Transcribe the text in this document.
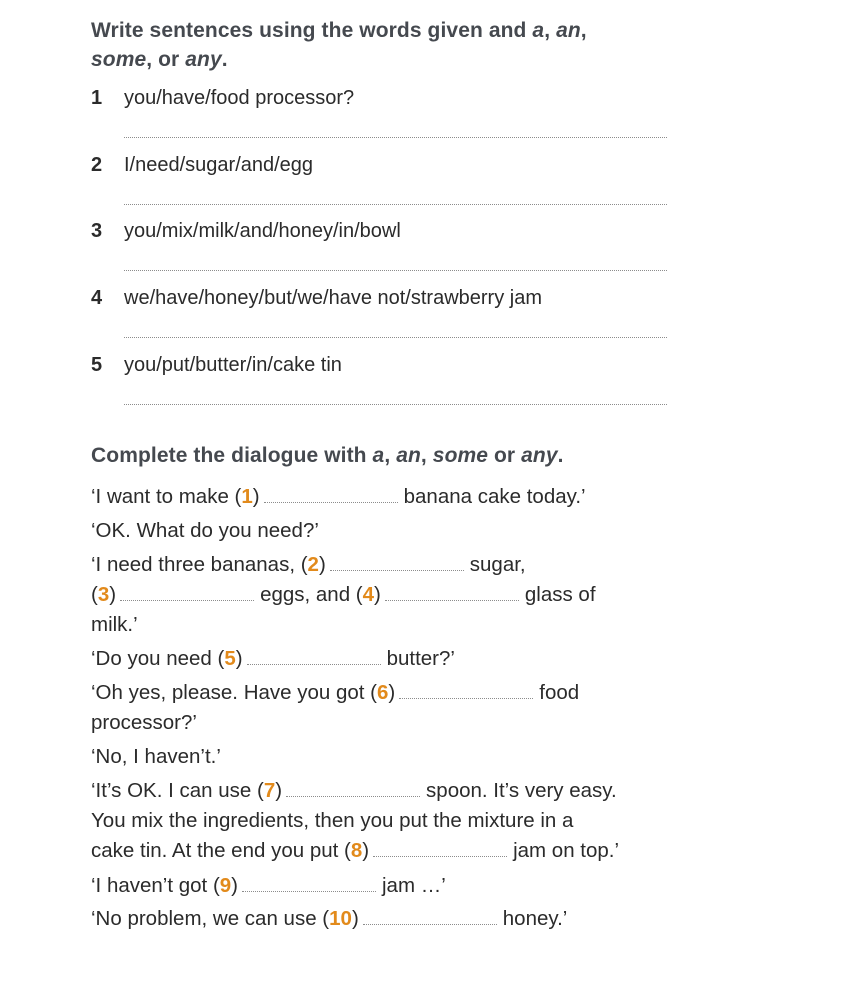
Write sentences using the words given and a, an,
some, or any.
1 you/have/food processor?
2 I/need/sugar/and/egg
3 you/mix/milk/and/honey/in/bowl
4 we/have/honey/but/we/have not/strawberry jam
5 you/put/butter/in/cake tin
Complete the dialogue with a, an, some or any.
‘I want to make (1)	banana cake today.’
‘OK. What do you need?’
‘I need three bananas, (2)	sugar,
(3)	eggs, and (4)	glass of
milk.’
‘Do you need (5)	butter?’
‘Oh yes, please. Have you got (6)	food
processor?’
‘No, I haven’t.’
‘It’s OK. I can use (7)	spoon. It’s very easy.
You mix the ingredients, then you put the mixture in a
cake tin. At the end you put (8)	jam on top.’
‘I haven’t got (9)	jam …’
‘No problem, we can use (10)	honey.’
